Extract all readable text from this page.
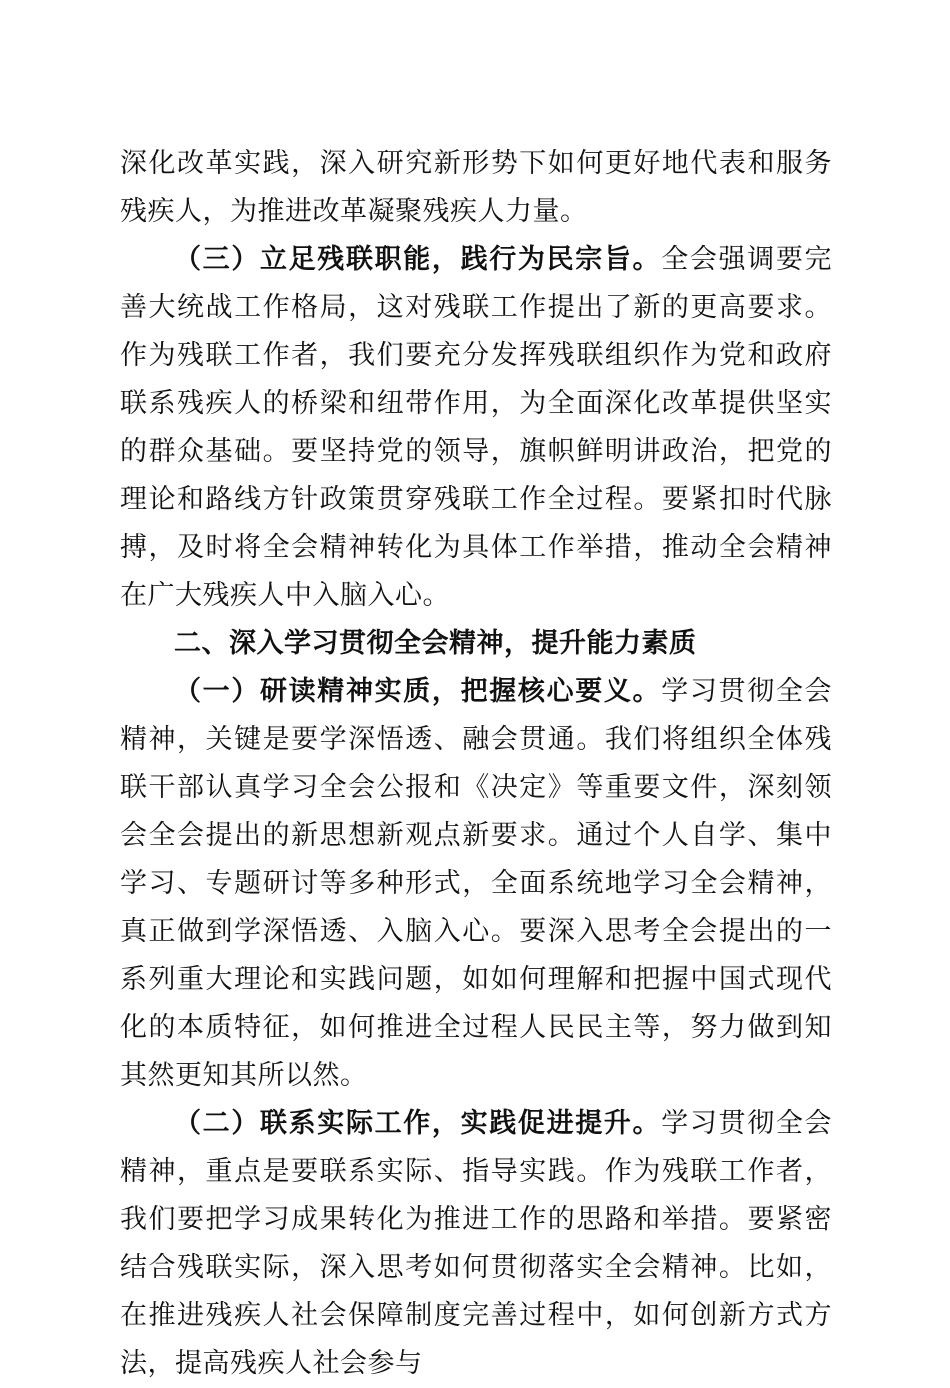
深化改革实践，深入研究新形势下如何更好地代表和服务残疾人，为推进改革凝聚残疾人力量。

（三）立足残联职能，践行为民宗旨。全会强调要完善大统战工作格局，这对残联工作提出了新的更高要求。作为残联工作者，我们要充分发挥残联组织作为党和政府联系残疾人的桥梁和纽带作用，为全面深化改革提供坚实的群众基础。要坚持党的领导，旗帜鲜明讲政治，把党的理论和路线方针政策贯穿残联工作全过程。要紧扣时代脉搏，及时将全会精神转化为具体工作举措，推动全会精神在广大残疾人中入脑入心。

二、深入学习贯彻全会精神，提升能力素质

（一）研读精神实质，把握核心要义。学习贯彻全会精神，关键是要学深悟透、融会贯通。我们将组织全体残联干部认真学习全会公报和《决定》等重要文件，深刻领会全会提出的新思想新观点新要求。通过个人自学、集中学习、专题研讨等多种形式，全面系统地学习全会精神，真正做到学深悟透、入脑入心。要深入思考全会提出的一系列重大理论和实践问题，如如何理解和把握中国式现代化的本质特征，如何推进全过程人民民主等，努力做到知其然更知其所以然。

（二）联系实际工作，实践促进提升。学习贯彻全会精神，重点是要联系实际、指导实践。作为残联工作者，我们要把学习成果转化为推进工作的思路和举措。要紧密结合残联实际，深入思考如何贯彻落实全会精神。比如，在推进残疾人社会保障制度完善过程中，如何创新方式方法，提高残疾人社会参与
